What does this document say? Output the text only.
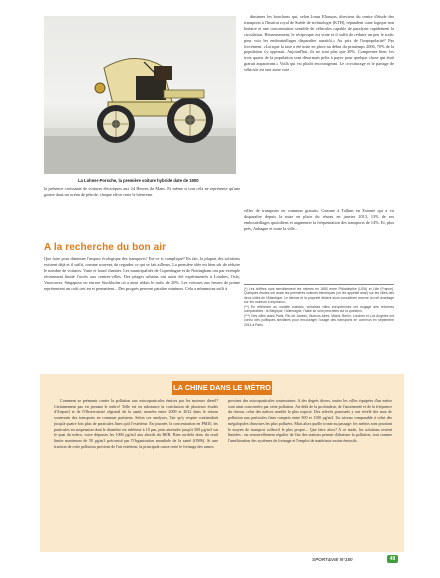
La Lohner-Porsche, la première voiture hybride date de 1900

la présence croissante de voitures électriques aux 24 Heures du Mans. Et même si tout cela ne représente qu'une goutte dans un océan de pétrole, chaque effort reste le bienvenu.

A la recherche du bon air

Que faire pour diminuer l'impact écologique des transports? Est-ce si compliqué? En fait, la plupart des solutions existent déjà et il suffit, comme souvent, de regarder ce qui se fait ailleurs. La première idée est bien sûr de réduire le nombre de voitures. Vaste et lourd chantier. Les municipalités de Copenhague et de Nottingham ont par exemple récemment limité l'accès aux centres-villes. Des péages urbains ont aussi été expérimentés à Londres, Oslo, Vancouver, Singapour ou encore Stockholm où a ainsi réduit le trafic de 20%. Les voitures aux heures de pointe représentent un coût très en et permettent... Des progrès peuvent paraître minimes. Cela a néanmoins suffi à

diminuer les bouchons qui, selon Jonas Eliasson, directeur du centre d'étude des transports à l'Institut royal de Suède de technologie (KTH), répandent «une logique non linéaire et une concentration sensible de véhicules capable de paralyser rapidement la circulation. Heureusement, le réciproque est vraie et il suffit de réduire un peu le trafic pour voir les embouteillages disparaître aussitôt.» Au prix de l'impopularité? Pas forcément. «Lorsque la taxe a été mise en place au début du printemps 2006, 70% de la population s'y opposait. Aujourd'hui, ils ne sont plus que 30%. Comprenez bien: les trois quarts de la population sont désormais prêts à payer pour quelque chose qui était gratuit auparavant.» Voilà qui est plutôt encourageant. Le covoiturage et le partage de véhicule est une autre voie...

villes de transports en commun gratuits. Comme à Tallinn en Estonie qui a vu disparaître depuis la mise en place du réseau en janvier 2013, 13% de ses embouteillages quotidiens et augmenter la fréquentation des transports de 14%. Et, plus près, Aubagne et toute la ville...

(*) Les chiffres sont sensiblement les mêmes en 1880 entre Philadelphie (USA) et Lille (France). Quelques études ont aussi les premières voitures électriques (on les appelait ainsi) sur les villes des deux côtés de l'Atlantique. Le silence et la propreté étaient alors considérés comme un net avantage sur les moteurs à explosion...

(**) En référence au modèle suédois, certaines villes européennes ont engagé des réformes comparables : la Belgique, l'Allemagne, l'Italie se sont penchées sur la question.

(***) Des villes aussi Paris, Rio de Janeiro, Buenos Aires, Miami, Berlin, Londres et Los Angeles ont connu des politiques similaires pour encourager l'usage des transports en commun en septembre 2014 à Paris.

LA CHINE DANS LE MÉTRO

Comment se prémunir contre la pollution aux microparticules émises par les moteurs diesel? Certainement pas en prenant le métro! Telle est en substance la conclusion de plusieurs études d'Airparif et de l'Observatoire régional de la santé, menées entre 2009 et 2012 dans le réseau souterrain des transports en commun parisiens. Selon ces analyses, l'air qu'y respire contiendrait jusqu'à quatre fois plus de particules fines qu'à l'extérieur. En journée, la concentration en PM10, les particules en suspension dont le diamètre est inférieur à 10 µm, peut atteindre jusqu'à 500 µg/m3 sur le quai du métro, voire dépasser les 1000 µg/m3 aux abords du RER. Bien au-delà donc du seuil limite maximum de 50 µg/m3 préconisé par l'Organisation mondiale de la santé (OMS). Si une fraction de cette pollution provient de l'air extérieur, la principale cause reste le freinage des rames.

provient des microparticules souterraines. A des degrés divers, toutes les villes équipées d'un métro sont ainsi concernées par cette pollution. Au-delà de la profondeur, de l'ancienneté et de la fréquence du réseau, celui des métros semble le plus exposé. Des relevés ponctuels y ont révélé des taux de pollution aux particules fines compris entre 500 et 1100 µg/m3. Un niveau comparable à celui des mégalopoles chinoises les plus polluées. Mais alors quelle ironie au passage: les métros sont pourtant le moyen de transport collectif le plus propre... Que faire alors? A ce stade, les solutions restent limitées : un renouvellement régulier de l'air des stations permet d'abaisser la pollution, tout comme l'amélioration des systèmes de freinage et l'emploi de matériaux moins émissifs.

SPORT&VIE N°150	49
